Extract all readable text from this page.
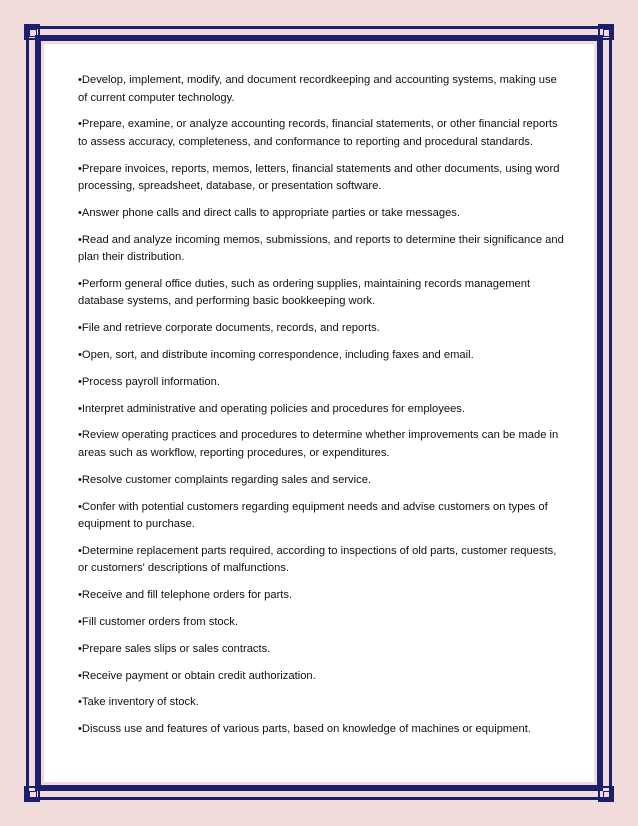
•Develop, implement, modify, and document recordkeeping and accounting systems, making use of current computer technology.

•Prepare, examine, or analyze accounting records, financial statements, or other financial reports to assess accuracy, completeness, and conformance to reporting and procedural standards.

•Prepare invoices, reports, memos, letters, financial statements and other documents, using word processing, spreadsheet, database, or presentation software.

•Answer phone calls and direct calls to appropriate parties or take messages.

•Read and analyze incoming memos, submissions, and reports to determine their significance and plan their distribution.

•Perform general office duties, such as ordering supplies, maintaining records management database systems, and performing basic bookkeeping work.

•File and retrieve corporate documents, records, and reports.

•Open, sort, and distribute incoming correspondence, including faxes and email.

•Process payroll information.

•Interpret administrative and operating policies and procedures for employees.

•Review operating practices and procedures to determine whether improvements can be made in areas such as workflow, reporting procedures, or expenditures.

•Resolve customer complaints regarding sales and service.

•Confer with potential customers regarding equipment needs and advise customers on types of equipment to purchase.

•Determine replacement parts required, according to inspections of old parts, customer requests, or customers' descriptions of malfunctions.

•Receive and fill telephone orders for parts.

•Fill customer orders from stock.

•Prepare sales slips or sales contracts.

•Receive payment or obtain credit authorization.

•Take inventory of stock.

•Discuss use and features of various parts, based on knowledge of machines or equipment.
